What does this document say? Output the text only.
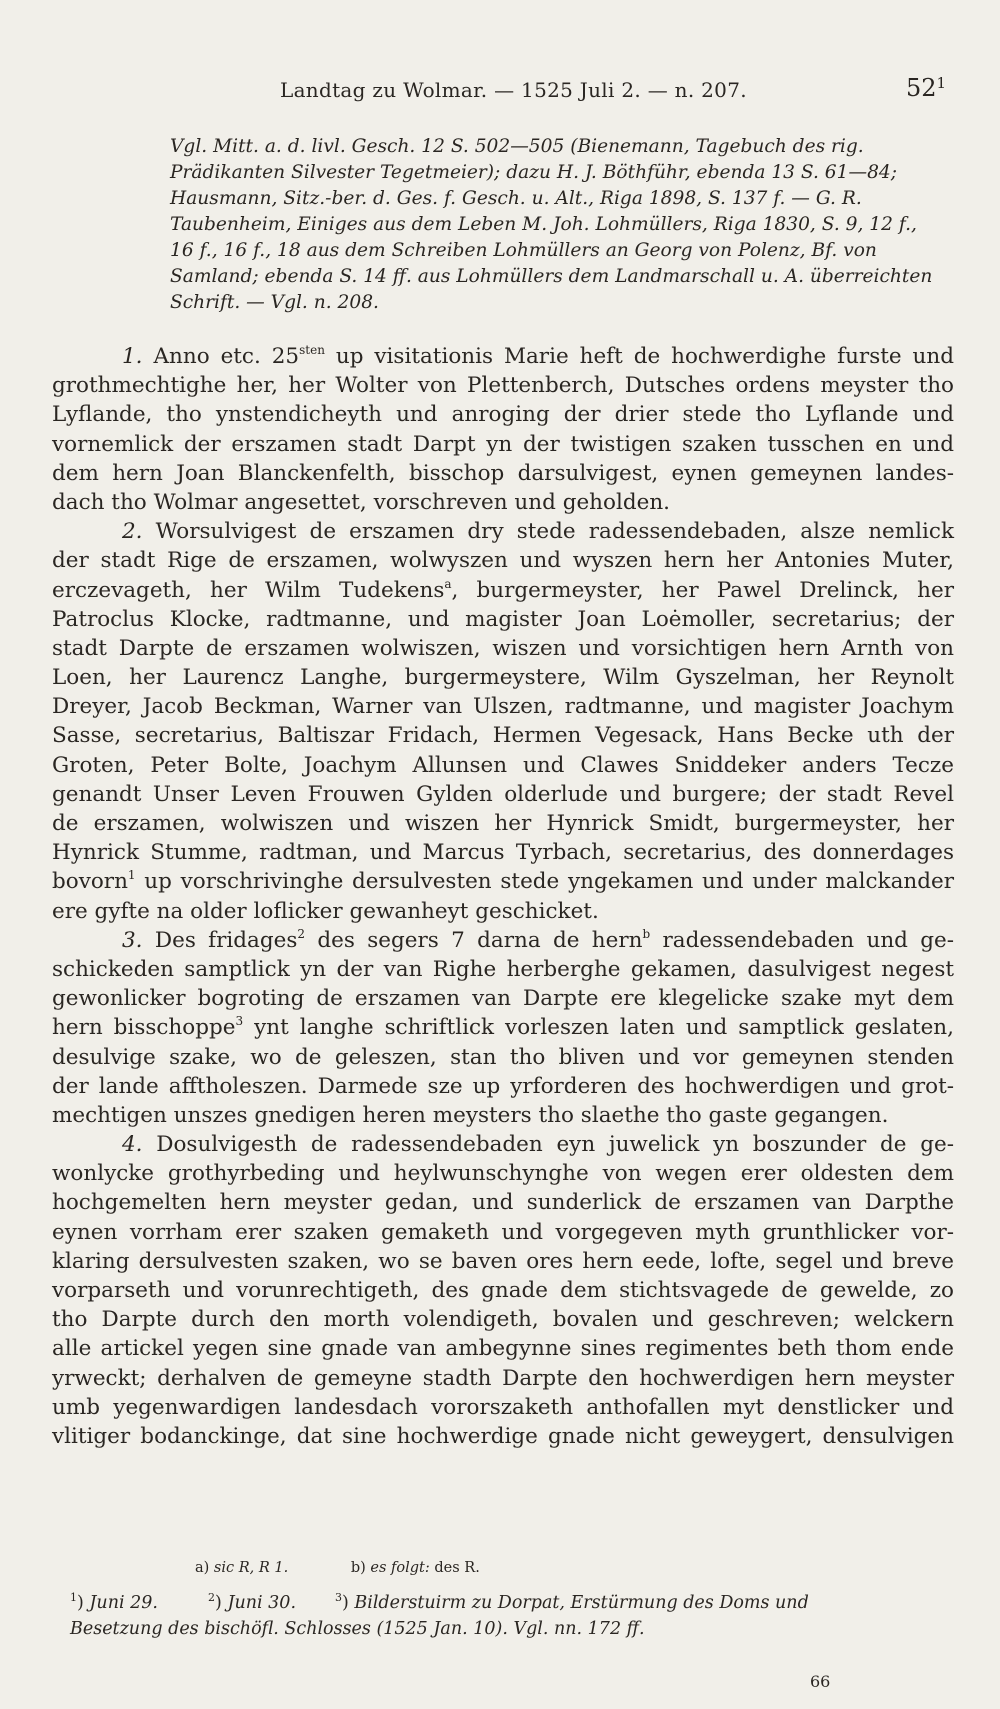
Landtag zu Wolmar. — 1525 Juli 2. — n. 207.	$52^1$
Vgl. Mitt. a. d. livl. Gesch. 12 S. 502—505 (Bienemann, Tagebuch des rig.
Prädikanten Silvester Tegetmeier); dazu H. J. Böthführ, ebenda 13 S. 61—84;
Hausmann, Sitz.-ber. d. Ges. f. Gesch. u. Alt., Riga 1898, S. 137 f. — G. R.
Taubenheim, Einiges aus dem Leben M. Joh. Lohmüllers, Riga 1830, S. 9, 12 f.,
16 f., 16 f., 18 aus dem Schreiben Lohmüllers an Georg von Polenz, Bf. von
Samland; ebenda S. 14 ff. aus Lohmüllers dem Landmarschall u. A. überreichten
Schrift. — Vgl. n. 208.
1. Anno etc. $25^{sten}$ up visitationis Marie heft de hochwerdighe furste und
grothmechtighe her, her Wolter von Plettenberch, Dutsches ordens meyster tho
Lyflande, tho ynstendicheyth und anroging der drier stede tho Lyflande und
vornemlick der erszamen stadt Darpt yn der twistigen szaken tusschen en und
dem hern Joan Blanckenfelth, bisschop darsulvigest, eynen gemeynen landes-
dach tho Wolmar angesettet, vorschreven und geholden.
2. Worsulvigest de erszamen dry stede radessendebaden, alsze nemlick
der stadt Rige de erszamen, wolwyszen und wyszen hern her Antonies Muter,
erczevageth, her Wilm Tudekens$^a$, burgermeyster, her Pawel Drelinck, her
Patroclus Klocke, radtmanne, und magister Joan Loėmoller, secretarius; der
stadt Darpte de erszamen wolwiszen, wiszen und vorsichtigen hern Arnth von
Loen, her Laurencz Langhe, burgermeystere, Wilm Gyszelman, her Reynolt
Dreyer, Jacob Beckman, Warner van Ulszen, radtmanne, und magister Joachym
Sasse, secretarius, Baltiszar Fridach, Hermen Vegesack, Hans Becke uth der
Groten, Peter Bolte, Joachym Allunsen und Clawes Sniddeker anders Tecze
genandt Unser Leven Frouwen Gylden olderlude und burgere; der stadt Revel
de erszamen, wolwiszen und wiszen her Hynrick Smidt, burgermeyster, her
Hynrick Stumme, radtman, und Marcus Tyrbach, secretarius, des donnerdages
bovorn$^1$ up vorschrivinghe dersulvesten stede yngekamen und under malckander
ere gyfte na older loflicker gewanheyt geschicket.
3. Des fridages$^2$ des segers 7 darna de hern$^b$ radessendebaden und ge-
schickeden samptlick yn der van Righe herberghe gekamen, dasulvigest negest
gewonlicker bogroting de erszamen van Darpte ere klegelicke szake myt dem
hern bisschoppe$^3$ ynt langhe schriftlick vorleszen laten und samptlick geslaten,
desulvige szake, wo de geleszen, stan tho bliven und vor gemeynen stenden
der lande afftholeszen. Darmede sze up yrforderen des hochwerdigen und grot-
mechtigen unszes gnedigen heren meysters tho slaethe tho gaste gegangen.
4. Dosulvigesth de radessendebaden eyn juwelick yn boszunder de ge-
wonlycke grothyrbeding und heylwunschynghe von wegen erer oldesten dem
hochgemelten hern meyster gedan, und sunderlick de erszamen van Darpthe
eynen vorrham erer szaken gemaketh und vorgegeven myth grunthlicker vor-
klaring dersulvesten szaken, wo se baven ores hern eede, lofte, segel und breve
vorparseth und vorunrechtigeth, des gnade dem stichtsvagede de gewelde, zo
tho Darpte durch den morth volendigeth, bovalen und geschreven; welckern
alle artickel yegen sine gnade van ambegynne sines regimentes beth thom ende
yrweckt; derhalven de gemeyne stadth Darpte den hochwerdigen hern meyster
umb yegenwardigen landesdach vororszaketh anthofallen myt denstlicker und
vlitiger bodanckinge, dat sine hochwerdige gnade nicht geweygert, densulvigen
a) sic R, R 1.	b) es folgt: des R.
$^1$) Juni 29.	$^2$) Juni 30.	$^3$) Bilderstuirm zu Dorpat, Erstürmung des Doms und
Besetzung des bischöfl. Schlosses (1525 Jan. 10). Vgl. nn. 172 ff.
66
